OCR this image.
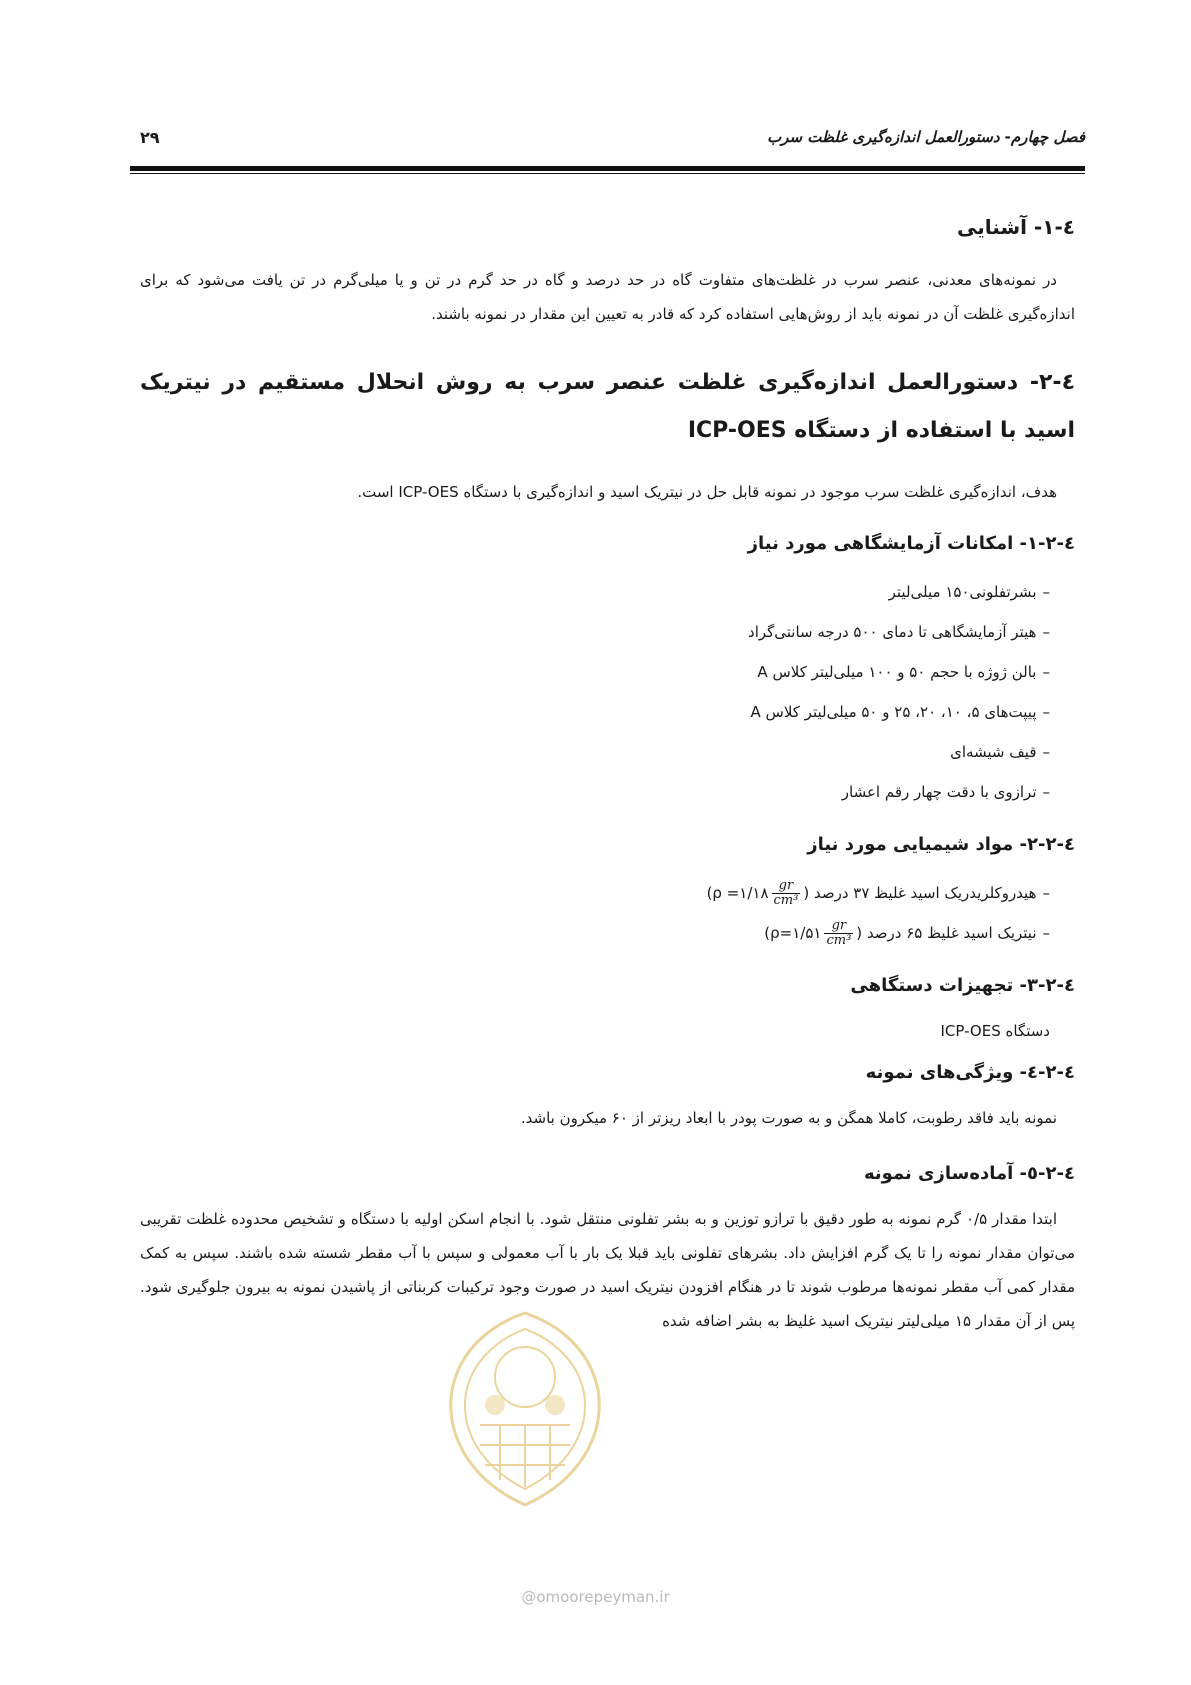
فصل چهارم- دستورالعمل اندازه‌گیری غلظت سرب
۲۹
٤-١- آشنایی

در نمونه‌های معدنی، عنصر سرب در غلظت‌های متفاوت گاه در حد درصد و گاه در حد گرم در تن و یا میلی‌گرم در تن یافت می‌شود که برای اندازه‌گیری غلظت آن در نمونه باید از روش‌هایی استفاده کرد که قادر به تعیین این مقدار در نمونه باشند.

٤-٢- دستورالعمل اندازه‌گیری غلظت عنصر سرب به روش انحلال مستقیم در نیتریک اسید با استفاده از دستگاه ICP-OES

هدف، اندازه‌گیری غلظت سرب موجود در نمونه قابل حل در نیتریک اسید و اندازه‌گیری با دستگاه ICP-OES است.

٤-٢-١- امکانات آزمایشگاهی مورد نیاز
–بشرتفلونی۱۵۰ میلی‌لیتر
–هیتر آزمایشگاهی تا دمای ۵۰۰ درجه سانتی‌گراد
–بالن ژوژه با حجم ۵۰ و ۱۰۰ میلی‌لیتر کلاس A
–پیپت‌های ۵، ۱۰، ۲۰، ۲۵ و ۵۰ میلی‌لیتر کلاس A
–قیف شیشه‌ای
–ترازوی با دقت چهار رقم اعشار
٤-٢-٢- مواد شیمیایی مورد نیاز
–هیدروکلریدریک اسید غلیظ ۳۷ درصد (ρ =۱/۱۸ $\frac{gr}{\text{cm³}}$ )
–نیتریک اسید غلیظ ۶۵ درصد (ρ=۱/۵۱ $\frac{gr}{\text{cm³}}$ )
٤-٢-٣- تجهیزات دستگاهی
دستگاه ICP-OES
٤-٢-٤- ویژگی‌های نمونه

نمونه باید فاقد رطوبت، کاملا همگن و به صورت پودر با ابعاد ریزتر از ۶۰ میکرون باشد.

٤-٢-٥- آماده‌سازی نمونه

ابتدا مقدار ۰/۵ گرم نمونه به طور دقیق با ترازو توزین و به بشر تفلونی منتقل شود. با انجام اسکن اولیه با دستگاه و تشخیص محدوده غلظت تقریبی می‌توان مقدار نمونه را تا یک گرم افزایش داد. بشرهای تفلونی باید قبلا یک بار با آب معمولی و سپس با آب مقطر شسته شده باشند. سپس به کمک مقدار کمی آب مقطر نمونه‌ها مرطوب شوند تا در هنگام افزودن نیتریک اسید در صورت وجود ترکیبات کربناتی از پاشیدن نمونه به بیرون جلوگیری شود. پس از آن مقدار ۱۵ میلی‌لیتر نیتریک اسید غلیظ به بشر اضافه شده

@omoorepeyman.ir
